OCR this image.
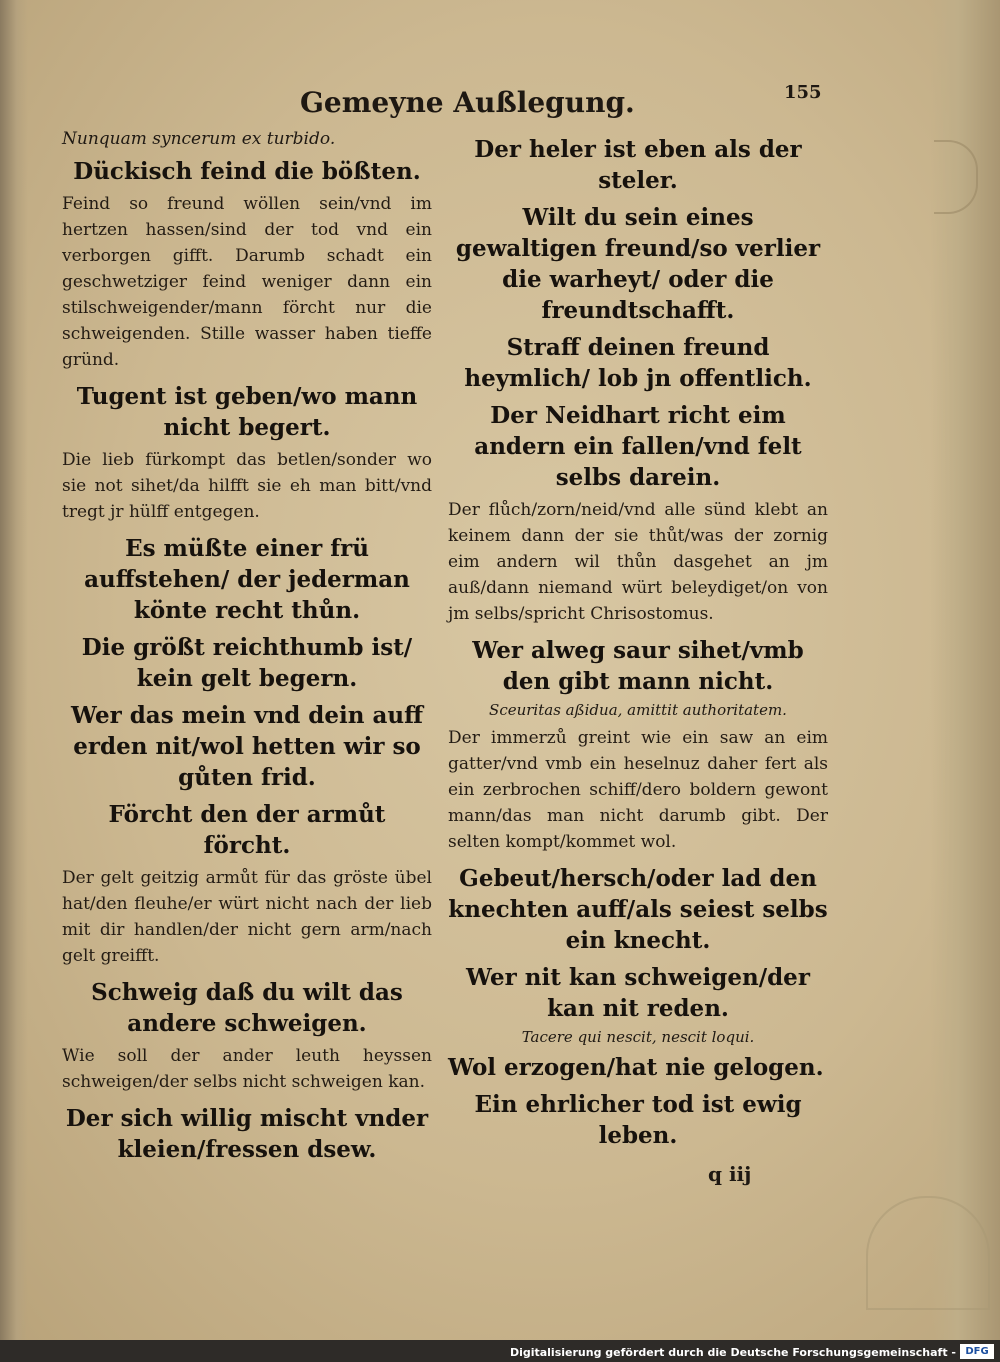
Gemeyne Außlegung.	155

Nunquam syncerum ex turbido.

Dückisch feind die bößten.

Feind so freund wöllen sein/vnd im hertzen hassen/sind der tod vnd ein verborgen gifft. Darumb schadt ein geschwetziger feind weniger dann ein stilschweigender/mann förcht nur die schweigenden. Stille wasser haben tieffe gründ.

Tugent ist geben/wo mann nicht begert.

Die lieb fürkompt das betlen/sonder wo sie not sihet/da hilfft sie eh man bitt/vnd tregt jr hülff entgegen.

Es müßte einer frü auffstehen/ der jederman könte recht thůn.

Die größt reichthumb ist/ kein gelt begern.

Wer das mein vnd dein auff erden nit/wol hetten wir so gůten frid.

Förcht den der armůt förcht.

Der gelt geitzig armůt für das gröste übel hat/den fleuhe/er würt nicht nach der lieb mit dir handlen/der nicht gern arm/nach gelt greifft.

Schweig daß du wilt das andere schweigen.

Wie soll der ander leuth heyssen schweigen/der selbs nicht schweigen kan.

Der sich willig mischt vnder kleien/fressen dsew.

Der heler ist eben als der steler.

Wilt du sein eines gewaltigen freund/so verlier die warheyt/ oder die freundtschafft.

Straff deinen freund heymlich/ lob jn offentlich.

Der Neidhart richt eim andern ein fallen/vnd felt selbs darein.

Der flůch/zorn/neid/vnd alle sünd klebt an keinem dann der sie thůt/was der zornig eim andern wil thůn dasgehet an jm auß/dann niemand würt beleydiget/on von jm selbs/spricht Chrisostomus.

Wer alweg saur sihet/vmb den gibt mann nicht.

Sceuritas aßidua, amittit authoritatem.

Der immerzů greint wie ein saw an eim gatter/vnd vmb ein heselnuz daher fert als ein zerbrochen schiff/dero boldern gewont mann/das man nicht darumb gibt. Der selten kompt/kommet wol.

Gebeut/hersch/oder lad den knechten auff/als seiest selbs ein knecht.

Wer nit kan schweigen/der kan nit reden.

Tacere qui nescit, nescit loqui.

Wol erzogen/hat nie gelogen.

Ein ehrlicher tod ist ewig leben.

q iij
Digitalisierung gefördert durch die Deutsche Forschungsgemeinschaft - DFG
